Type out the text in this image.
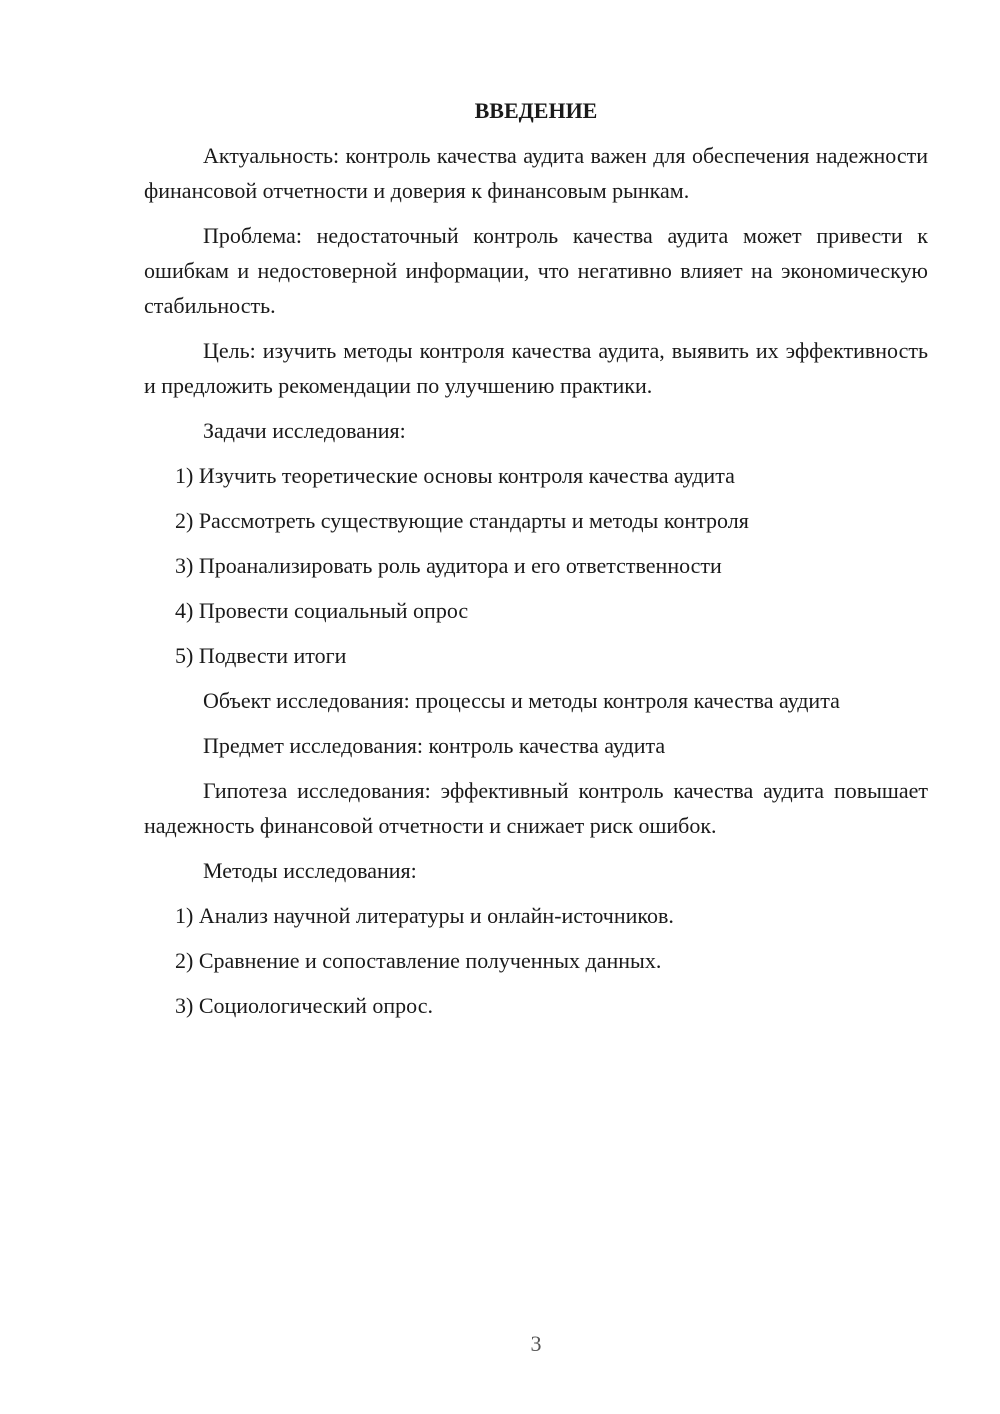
ВВЕДЕНИЕ

Актуальность: контроль качества аудита важен для обеспечения надежности финансовой отчетности и доверия к финансовым рынкам.

Проблема: недостаточный контроль качества аудита может привести к ошибкам и недостоверной информации, что негативно влияет на экономическую стабильность.

Цель: изучить методы контроля качества аудита, выявить их эффективность и предложить рекомендации по улучшению практики.

Задачи исследования:

1) Изучить теоретические основы контроля качества аудита
2) Рассмотреть существующие стандарты и методы контроля
3) Проанализировать роль аудитора и его ответственности
4) Провести социальный опрос
5) Подвести итоги

Объект исследования: процессы и методы контроля качества аудита

Предмет исследования: контроль качества аудита

Гипотеза исследования: эффективный контроль качества аудита повышает надежность финансовой отчетности и снижает риск ошибок.

Методы исследования:

1) Анализ научной литературы и онлайн-источников.
2) Сравнение и сопоставление полученных данных.
3) Социологический опрос.
3
